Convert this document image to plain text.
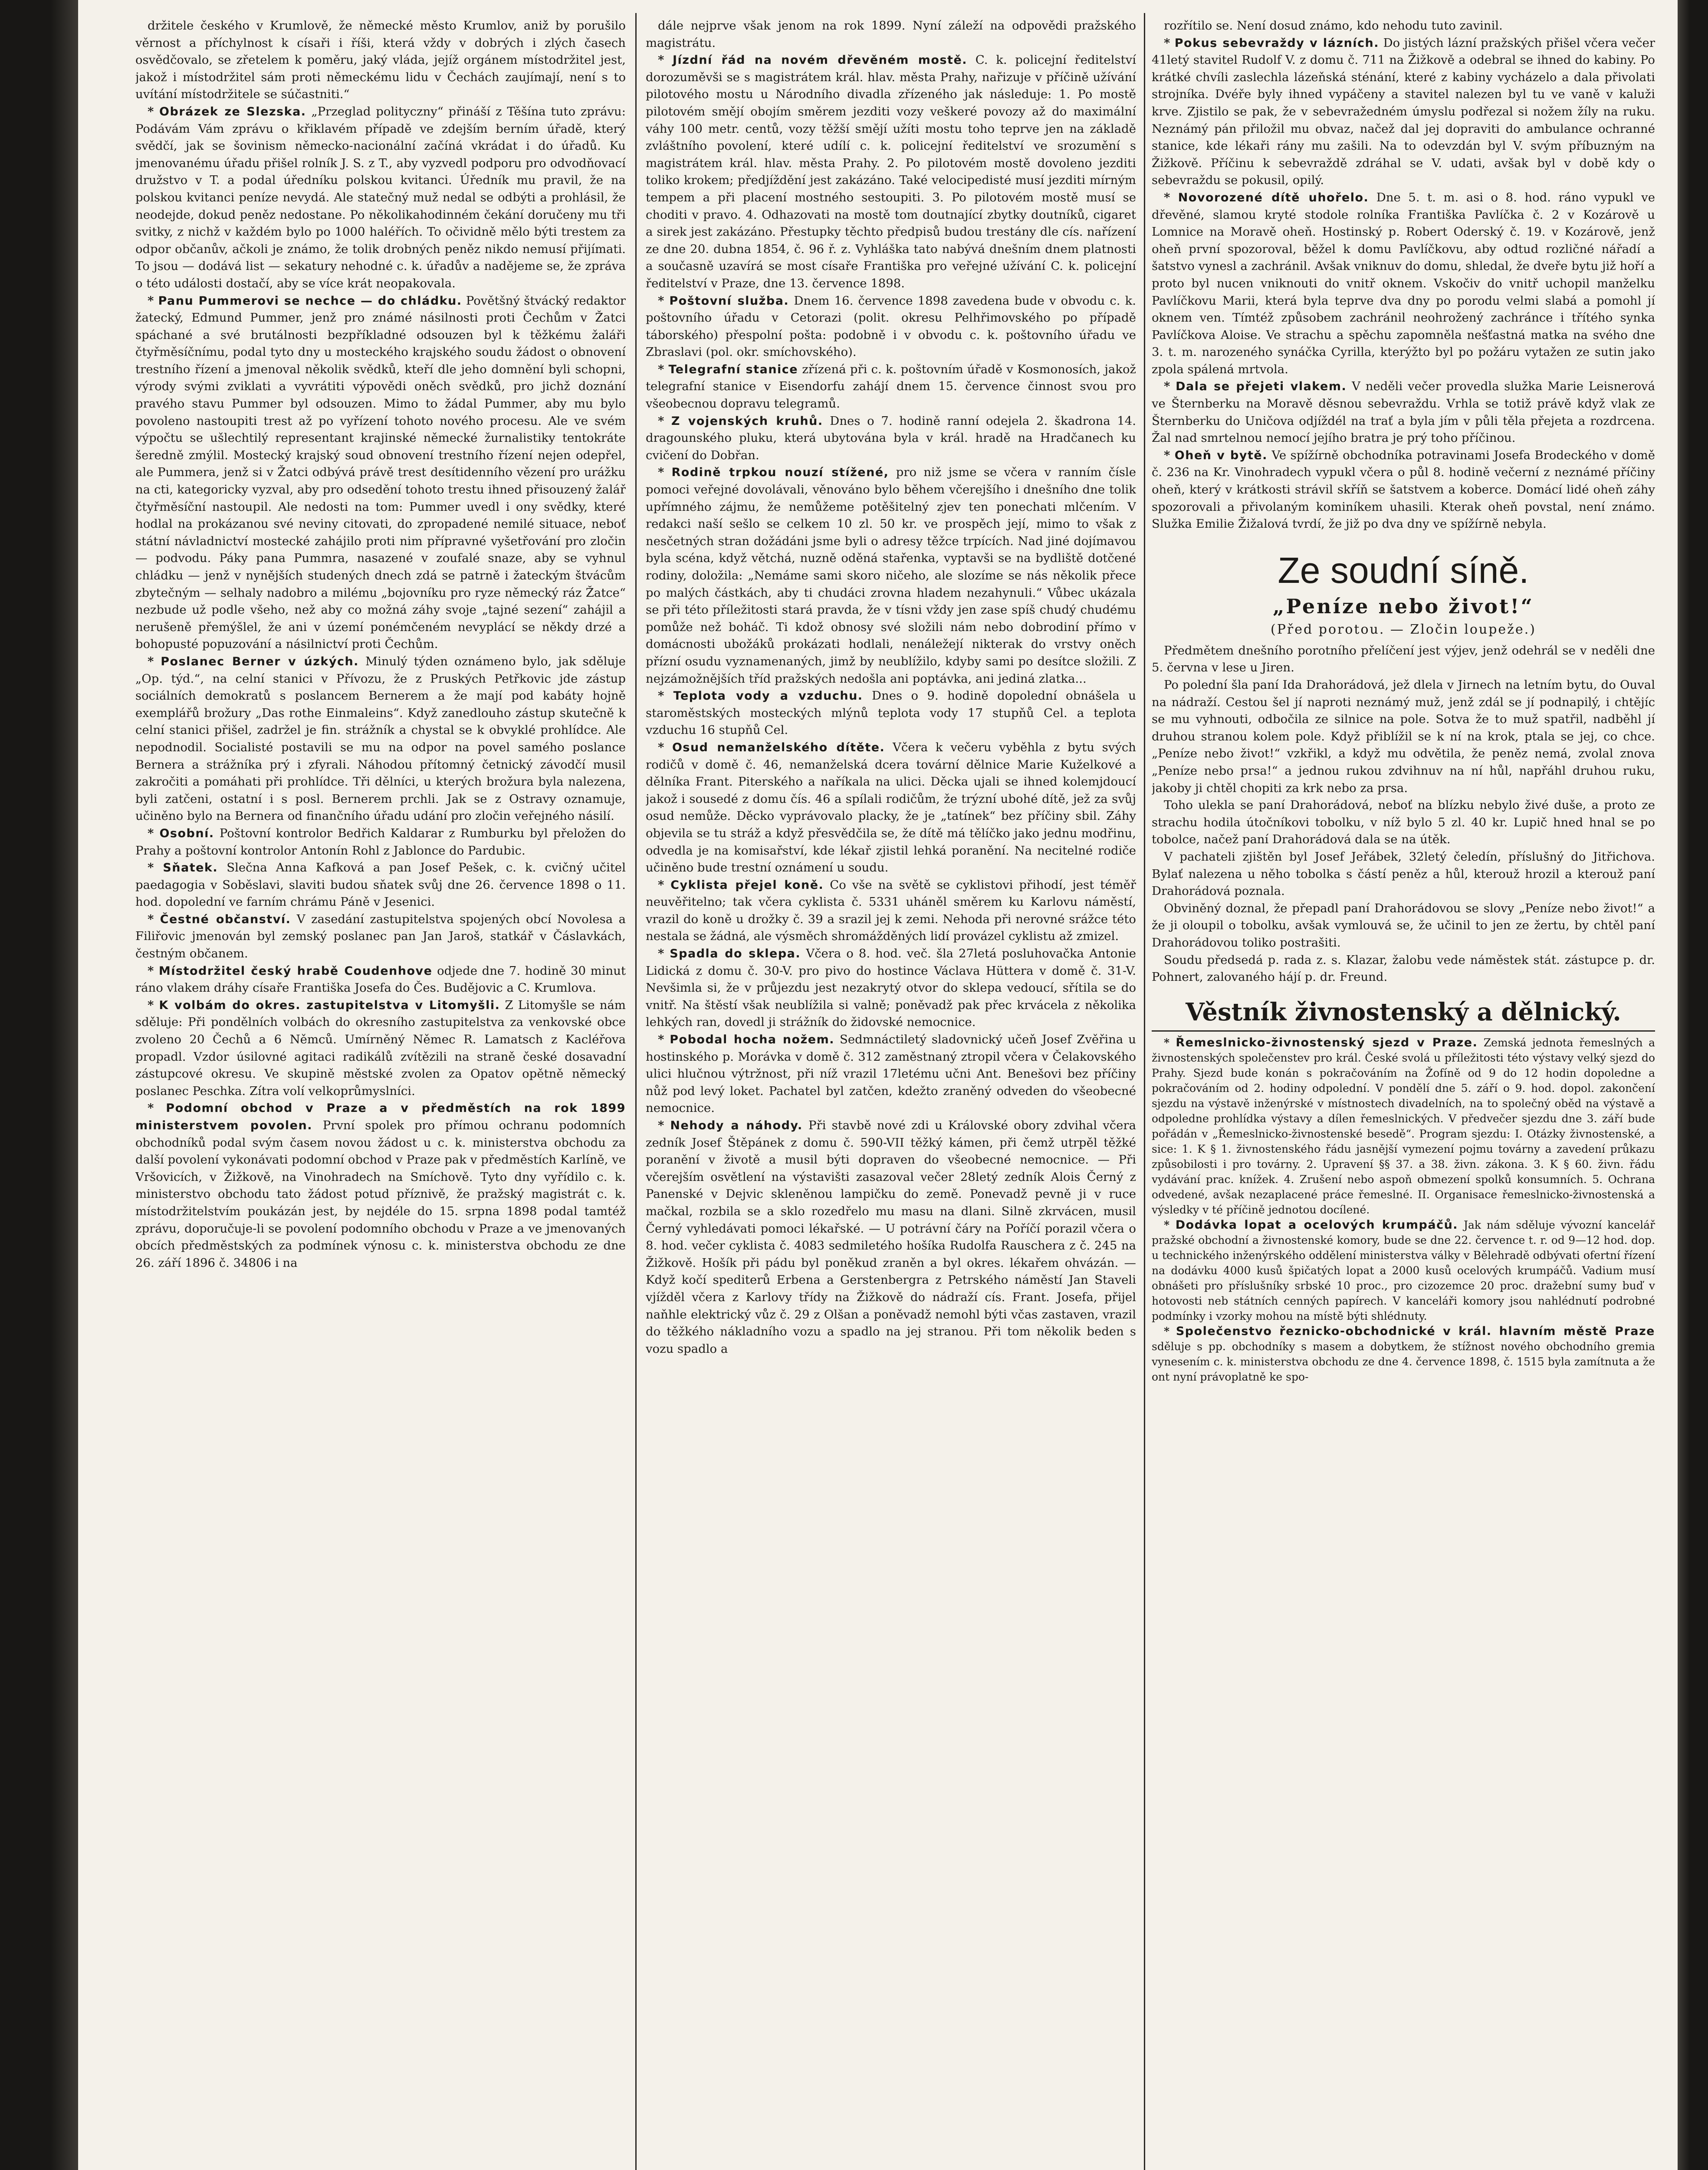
držitele českého v Krumlově, že německé město Krumlov, aniž by porušilo věrnost a příchylnost k císaři i říši, která vždy v dobrých i zlých časech osvědčovalo, se zřetelem k poměru, jaký vláda, jejíž orgánem místodržitel jest, jakož i místodržitel sám proti německému lidu v Čechách zaujímají, není s to uvítání místodržitele se súčastniti.“

* Obrázek ze Slezska. „Przeglad polityczny“ přináší z Těšína tuto zprávu: Podávám Vám zprávu o křiklavém případě ve zdejším berním úřadě, který svědčí, jak se šovinism německo-nacionální začíná vkrádat i do úřadů. Ku jmenovanému úřadu přišel rolník J. S. z T., aby vyzvedl podporu pro odvodňovací družstvo v T. a podal úředníku polskou kvitanci. Úředník mu pravil, že na polskou kvitanci peníze nevydá. Ale statečný muž nedal se odbýti a prohlásil, že neodejde, dokud peněz nedostane. Po několikahodinném čekání doručeny mu tři svitky, z nichž v každém bylo po 1000 haléřích. To očividně mělo býti trestem za odpor občanův, ačkoli je známo, že tolik drobných peněz nikdo nemusí přijímati. To jsou — dodává list — sekatury nehodné c. k. úřadův a nadějeme se, že zpráva o této události dostačí, aby se více krát neopakovala.

* Panu Pummerovi se nechce — do chládku. Povětšný štvácký redaktor žatecký, Edmund Pummer, jenž pro známé násilnosti proti Čechům v Žatci spáchané a své brutálnosti bezpříkladné odsouzen byl k těžkému žaláři čtyřměsíčnímu, podal tyto dny u mosteckého krajského soudu žádost o obnovení trestního řízení a jmenoval několik svědků, kteří dle jeho domnění byli schopni, výrody svými zviklati a vyvrátiti výpovědi oněch svědků, pro jichž doznání pravého stavu Pummer byl odsouzen. Mimo to žádal Pummer, aby mu bylo povoleno nastoupiti trest až po vyřízení tohoto nového procesu. Ale ve svém výpočtu se ušlechtilý representant krajinské německé žurnalistiky tentokráte šeredně zmýlil. Mostecký krajský soud obnovení trestního řízení nejen odepřel, ale Pummera, jenž si v Žatci odbývá právě trest desítidenního vězení pro urážku na cti, kategoricky vyzval, aby pro odsedění tohoto trestu ihned přisouzený žalář čtyřměsíční nastoupil. Ale nedosti na tom: Pummer uvedl i ony svědky, které hodlal na prokázanou své neviny citovati, do zpropadené nemilé situace, neboť státní návladnictví mostecké zahájilo proti nim přípravné vyšetřování pro zločin — podvodu. Páky pana Pummra, nasazené v zoufalé snaze, aby se vyhnul chládku — jenž v nynějších studených dnech zdá se patrně i žateckým štvácům zbytečným — selhaly nadobro a milému „bojovníku pro ryze německý ráz Žatce“ nezbude už podle všeho, než aby co možná záhy svoje „tajné sezení“ zahájil a nerušeně přemýšlel, že ani v území ponémčeném nevyplácí se někdy drzé a bohopusté popuzování a násilnictví proti Čechům.

* Poslanec Berner v úzkých. Minulý týden oznámeno bylo, jak sděluje „Op. týd.“, na celní stanici v Přívozu, že z Pruských Petřkovic jde zástup sociálních demokratů s poslancem Bernerem a že mají pod kabáty hojně exemplářů brožury „Das rothe Einmaleins“. Když zanedlouho zástup skutečně k celní stanici přišel, zadržel je fin. strážník a chystal se k obvyklé prohlídce. Ale nepodnodil. Socialisté postavili se mu na odpor na povel samého poslance Bernera a strážníka prý i zfyrali. Náhodou přítomný četnický závodčí musil zakročiti a pomáhati při prohlídce. Tři dělníci, u kterých brožura byla nalezena, byli zatčeni, ostatní i s posl. Bernerem prchli. Jak se z Ostravy oznamuje, učiněno bylo na Bernera od finančního úřadu udání pro zločin veřejného násilí.

* Osobní. Poštovní kontrolor Bedřich Kaldarar z Rumburku byl přeložen do Prahy a poštovní kontrolor Antonín Rohl z Jablonce do Pardubic.

* Sňatek. Slečna Anna Kafková a pan Josef Pešek, c. k. cvičný učitel paedagogia v Soběslavi, slaviti budou sňatek svůj dne 26. července 1898 o 11. hod. dopolední ve farním chrámu Páně v Jesenici.

* Čestné občanství. V zasedání zastupitelstva spojených obcí Novolesa a Filiřovic jmenován byl zemský poslanec pan Jan Jaroš, statkář v Čáslavkách, čestným občanem.

* Místodržitel český hrabě Coudenhove odjede dne 7. hodině 30 minut ráno vlakem dráhy císaře Františka Josefa do Čes. Budějovic a C. Krumlova.

* K volbám do okres. zastupitelstva v Litomyšli. Z Litomyšle se nám sděluje: Při pondělních volbách do okresního zastupitelstva za venkovské obce zvoleno 20 Čechů a 6 Němců. Umírněný Němec R. Lamatsch z Kacléřova propadl. Vzdor úsilovné agitaci radikálů zvítězili na straně české dosavadní zástupcové okresu. Ve skupině městské zvolen za Opatov opětně německý poslanec Peschka. Zítra volí velkoprůmyslníci.

* Podomní obchod v Praze a v předměstích na rok 1899 ministerstvem povolen. První spolek pro přímou ochranu podomních obchodníků podal svým časem novou žádost u c. k. ministerstva obchodu za další povolení vykonávati podomní obchod v Praze pak v předměstích Karlíně, ve Vršovicích, v Žižkově, na Vinohradech na Smíchově. Tyto dny vyřídilo c. k. ministerstvo obchodu tato žádost potud příznivě, že pražský magistrát c. k. místodržitelstvím poukázán jest, by nejdéle do 15. srpna 1898 podal tamtéž zprávu, doporučuje-li se povolení podomního obchodu v Praze a ve jmenovaných obcích předměstských za podmínek výnosu c. k. ministerstva obchodu ze dne 26. září 1896 č. 34806 i na

dále nejprve však jenom na rok 1899. Nyní záleží na odpovědi pražského magistrátu.

* Jízdní řád na novém dřevěném mostě. C. k. policejní ředitelství dorozuměvši se s magistrátem král. hlav. města Prahy, nařizuje v příčině užívání pilotového mostu u Národního divadla zřízeného jak následuje: 1. Po mostě pilotovém smějí obojím směrem jezditi vozy veškeré povozy až do maximální váhy 100 metr. centů, vozy těžší smějí užíti mostu toho teprve jen na základě zvláštního povolení, které udílí c. k. policejní ředitelství ve srozumění s magistrátem král. hlav. města Prahy. 2. Po pilotovém mostě dovoleno jezditi toliko krokem; předjíždění jest zakázáno. Také velocipedisté musí jezditi mírným tempem a při placení mostného sestoupiti. 3. Po pilotovém mostě musí se choditi v pravo. 4. Odhazovati na mostě tom doutnající zbytky doutníků, cigaret a sirek jest zakázáno. Přestupky těchto předpisů budou trestány dle cís. nařízení ze dne 20. dubna 1854, č. 96 ř. z. Vyhláška tato nabývá dnešním dnem platnosti a současně uzavírá se most císaře Františka pro veřejné užívání C. k. policejní ředitelství v Praze, dne 13. července 1898.

* Poštovní služba. Dnem 16. července 1898 zavedena bude v obvodu c. k. poštovního úřadu v Cetorazi (polit. okresu Pelhřimovského po případě táborského) přespolní pošta: podobně i v obvodu c. k. poštovního úřadu ve Zbraslavi (pol. okr. smíchovského).

* Telegrafní stanice zřízená při c. k. poštovním úřadě v Kosmonosích, jakož telegrafní stanice v Eisendorfu zahájí dnem 15. července činnost svou pro všeobecnou dopravu telegramů.

* Z vojenských kruhů. Dnes o 7. hodině ranní odejela 2. škadrona 14. dragounského pluku, která ubytována byla v král. hradě na Hradčanech ku cvičení do Dobřan.

* Rodině trpkou nouzí stížené, pro niž jsme se včera v ranním čísle pomoci veřejné dovolávali, věnováno bylo během včerejšího i dnešního dne tolik upřímného zájmu, že nemůžeme potěšitelný zjev ten ponechati mlčením. V redakci naší sešlo se celkem 10 zl. 50 kr. ve prospěch její, mimo to však z nesčetných stran dožádáni jsme byli o adresy těžce trpících. Nad jiné dojímavou byla scéna, když větchá, nuzně oděná stařenka, vyptavši se na bydliště dotčené rodiny, doložila: „Nemáme sami skoro ničeho, ale slozíme se nás několik přece po malých částkách, aby ti chudáci zrovna hladem nezahynuli.“ Vůbec ukázala se při této příležitosti stará pravda, že v tísni vždy jen zase spíš chudý chudému pomůže než boháč. Ti kdož obnosy své složili nám nebo dobrodiní přímo v domácnosti ubožáků prokázati hodlali, nenáležejí nikterak do vrstvy oněch přízní osudu vyznamenaných, jimž by neublížilo, kdyby sami po desítce složili. Z nejzámožnějších tříd pražských nedošla ani poptávka, ani jediná zlatka...

* Teplota vody a vzduchu. Dnes o 9. hodině dopolední obnášela u staroměstských mosteckých mlýnů teplota vody 17 stupňů Cel. a teplota vzduchu 16 stupňů Cel.

* Osud nemanželského dítěte. Včera k večeru vyběhla z bytu svých rodičů v domě č. 46, nemanželská dcera tovární dělnice Marie Kuželkové a dělníka Frant. Piterského a naříkala na ulici. Děcka ujali se ihned kolemjdoucí jakož i sousedé z domu čís. 46 a spílali rodičům, že trýzní ubohé dítě, jež za svůj osud nemůže. Děcko vyprávovalo placky, že je „tatínek“ bez příčiny sbil. Záhy objevila se tu stráž a když přesvědčila se, že dítě má tělíčko jako jednu modřinu, odvedla je na komisařství, kde lékař zjistil lehká poranění. Na necitelné rodiče učiněno bude trestní oznámení u soudu.

* Cyklista přejel koně. Co vše na světě se cyklistovi přihodí, jest téměř neuvěřitelno; tak včera cyklista č. 5331 uháněl směrem ku Karlovu náměstí, vrazil do koně u drožky č. 39 a srazil jej k zemi. Nehoda při nerovné srážce této nestala se žádná, ale výsměch shromážděných lidí provázel cyklistu až zmizel.

* Spadla do sklepa. Včera o 8. hod. več. šla 27letá posluhovačka Antonie Lidická z domu č. 30-V. pro pivo do hostince Václava Hüttera v domě č. 31-V. Nevšimla si, že v průjezdu jest nezakrytý otvor do sklepa vedoucí, sřítila se do vnitř. Na štěstí však neublížila si valně; poněvadž pak přec krvácela z několika lehkých ran, dovedl ji strážník do židovské nemocnice.

* Pobodal hocha nožem. Sedmnáctiletý sladovnický učeň Josef Zvěřina u hostinského p. Morávka v domě č. 312 zaměstnaný ztropil včera v Čelakovského ulici hlučnou výtržnost, při níž vrazil 17letému učni Ant. Benešovi bez příčiny nůž pod levý loket. Pachatel byl zatčen, kdežto zraněný odveden do všeobecné nemocnice.

* Nehody a náhody. Při stavbě nové zdi u Královské obory zdvihal včera zedník Josef Štěpánek z domu č. 590-VII těžký kámen, při čemž utrpěl těžké poranění v životě a musil býti dopraven do všeobecné nemocnice. — Při včerejším osvětlení na výstavišti zasazoval večer 28letý zedník Alois Černý z Panenské v Dejvic skleněnou lampičku do země. Ponevadž pevně ji v ruce mačkal, rozbila se a sklo rozedřelo mu masu na dlani. Silně zkrvácen, musil Černý vyhledávati pomoci lékařské. — U potrávní čáry na Poříčí porazil včera o 8. hod. večer cyklista č. 4083 sedmiletého hošíka Rudolfa Rauschera z č. 245 na Žižkově. Hošík při pádu byl poněkud zraněn a byl okres. lékařem ohvázán. — Když kočí spediterů Erbena a Gerstenbergra z Petrského náměstí Jan Staveli vjížděl včera z Karlovy třídy na Žižkově do nádraží cís. Frant. Josefa, přijel naňhle elektrický vůz č. 29 z Olšan a poněvadž nemohl býti včas zastaven, vrazil do těžkého nákladního vozu a spadlo na jej stranou. Při tom několik beden s vozu spadlo a

rozřítilo se. Není dosud známo, kdo nehodu tuto zavinil.

* Pokus sebevraždy v lázních. Do jistých lázní pražských přišel včera večer 41letý stavitel Rudolf V. z domu č. 711 na Žižkově a odebral se ihned do kabiny. Po krátké chvíli zaslechla lázeňská sténání, které z kabiny vycházelo a dala přivolati strojníka. Dvéře byly ihned vypáčeny a stavitel nalezen byl tu ve vaně v kaluži krve. Zjistilo se pak, že v sebevražedném úmyslu podřezal si nožem žíly na ruku. Neznámý pán přiložil mu obvaz, načež dal jej dopraviti do ambulance ochranné stanice, kde lékaři rány mu zašili. Na to odevzdán byl V. svým příbuzným na Žižkově. Příčinu k sebevraždě zdráhal se V. udati, avšak byl v době kdy o sebevraždu se pokusil, opilý.

* Novorozené dítě uhořelo. Dne 5. t. m. asi o 8. hod. ráno vypukl ve dřevěné, slamou kryté stodole rolníka Františka Pavlíčka č. 2 v Kozárově u Lomnice na Moravě oheň. Hostinský p. Robert Oderský č. 19. v Kozárově, jenž oheň první spozoroval, běžel k domu Pavlíčkovu, aby odtud rozličné nářadí a šatstvo vynesl a zachránil. Avšak vniknuv do domu, shledal, že dveře bytu již hoří a proto byl nucen vniknouti do vnitř oknem. Vskočiv do vnitř uchopil manželku Pavlíčkovu Marii, která byla teprve dva dny po porodu velmi slabá a pomohl jí oknem ven. Tímtéž způsobem zachránil neohrožený zachránce i třítého synka Pavlíčkova Aloise. Ve strachu a spěchu zapomněla nešťastná matka na svého dne 3. t. m. narozeného synáčka Cyrilla, kterýžto byl po požáru vytažen ze sutin jako zpola spálená mrtvola.

* Dala se přejeti vlakem. V neděli večer provedla služka Marie Leisnerová ve Šternberku na Moravě děsnou sebevraždu. Vrhla se totiž právě když vlak ze Šternberku do Uničova odjíždél na trať a byla jím v půli těla přejeta a rozdrcena. Žal nad smrtelnou nemocí jejího bratra je prý toho příčinou.

* Oheň v bytě. Ve spížírně obchodníka potravinami Josefa Brodeckého v domě č. 236 na Kr. Vinohradech vypukl včera o půl 8. hodině večerní z neznámé příčiny oheň, který v krátkosti strávil skříň se šatstvem a koberce. Domácí lidé oheň záhy spozorovali a přivolaným kominíkem uhasili. Kterak oheň povstal, není známo. Služka Emilie Žižalová tvrdí, že již po dva dny ve spížírně nebyla.

Ze soudní síně.
„Peníze nebo život!“
(Před porotou. — Zločin loupeže.)

Předmětem dnešního porotního přelíčení jest výjev, jenž odehrál se v neděli dne 5. června v lese u Jiren.

Po polední šla paní Ida Drahorádová, jež dlela v Jirnech na letním bytu, do Ouval na nádraží. Cestou šel jí naproti neznámý muž, jenž zdál se jí podnapilý, i chtějíc se mu vyhnouti, odbočila ze silnice na pole. Sotva že to muž spatřil, nadběhl jí druhou stranou kolem pole. Když přiblížil se k ní na krok, ptala se jej, co chce. „Peníze nebo život!“ vzkřikl, a když mu odvětila, že peněz nemá, zvolal znova „Peníze nebo prsa!“ a jednou rukou zdvihnuv na ní hůl, napřáhl druhou ruku, jakoby ji chtěl chopiti za krk nebo za prsa.

Toho ulekla se paní Drahorádová, neboť na blízku nebylo živé duše, a proto ze strachu hodila útočníkovi tobolku, v níž bylo 5 zl. 40 kr. Lupič hned hnal se po tobolce, načež paní Drahorádová dala se na útěk.

V pachateli zjištěn byl Josef Jeřábek, 32letý čeledín, příslušný do Jitřichova. Bylať nalezena u něho tobolka s částí peněz a hůl, kterouž hrozil a kterouž paní Drahorádová poznala.

Obviněný doznal, že přepadl paní Drahorádovou se slovy „Peníze nebo život!“ a že ji oloupil o tobolku, avšak vymlouvá se, že učinil to jen ze žertu, by chtěl paní Drahorádovou toliko postrašiti.

Soudu předsedá p. rada z. s. Klazar, žalobu vede náměstek stát. zástupce p. dr. Pohnert, zalovaného hájí p. dr. Freund.

Věstník živnostenský a dělnický.

* Řemeslnicko-živnostenský sjezd v Praze. Zemská jednota řemeslných a živnostenských společenstev pro král. České svolá u příležitosti této výstavy velký sjezd do Prahy. Sjezd bude konán s pokračováním na Žofíně od 9 do 12 hodin dopoledne a pokračováním od 2. hodiny odpolední. V pondělí dne 5. září o 9. hod. dopol. zakončení sjezdu na výstavě inženýrské v místnostech divadelních, na to společný oběd na výstavě a odpoledne prohlídka výstavy a dílen řemeslnických. V předvečer sjezdu dne 3. září bude pořádán v „Řemeslnicko-živnostenské besedě“. Program sjezdu: I. Otázky živnostenské, a sice: 1. K § 1. živnostenského řádu jasnější vymezení pojmu továrny a zavedení průkazu způsobilosti i pro továrny. 2. Upravení §§ 37. a 38. živn. zákona. 3. K § 60. živn. řádu vydávání prac. knížek. 4. Zrušení nebo aspoň obmezení spolků konsumních. 5. Ochrana odvedené, avšak nezaplacené práce řemeslné. II. Organisace řemeslnicko-živnostenská a výsledky v té příčině jednotou docílené.

* Dodávka lopat a ocelových krumpáčů. Jak nám sděluje vývozní kancelář pražské obchodní a živnostenské komory, bude se dne 22. července t. r. od 9—12 hod. dop. u technického inženýrského oddělení ministerstva války v Bělehradě odbývati ofertní řízení na dodávku 4000 kusů špičatých lopat a 2000 kusů ocelových krumpáčů. Vadium musí obnášeti pro příslušníky srbské 10 proc., pro cizozemce 20 proc. dražební sumy buď v hotovosti neb státních cenných papírech. V kanceláři komory jsou nahlédnutí podrobné podmínky i vzorky mohou na místě býti shlédnuty.

* Společenstvo řeznicko-obchodnické v král. hlavním městě Praze sděluje s pp. obchodníky s masem a dobytkem, že stížnost nového obchodního gremia vynesením c. k. ministerstva obchodu ze dne 4. července 1898, č. 1515 byla zamítnuta a že ont nyní právoplatně ke spo-
